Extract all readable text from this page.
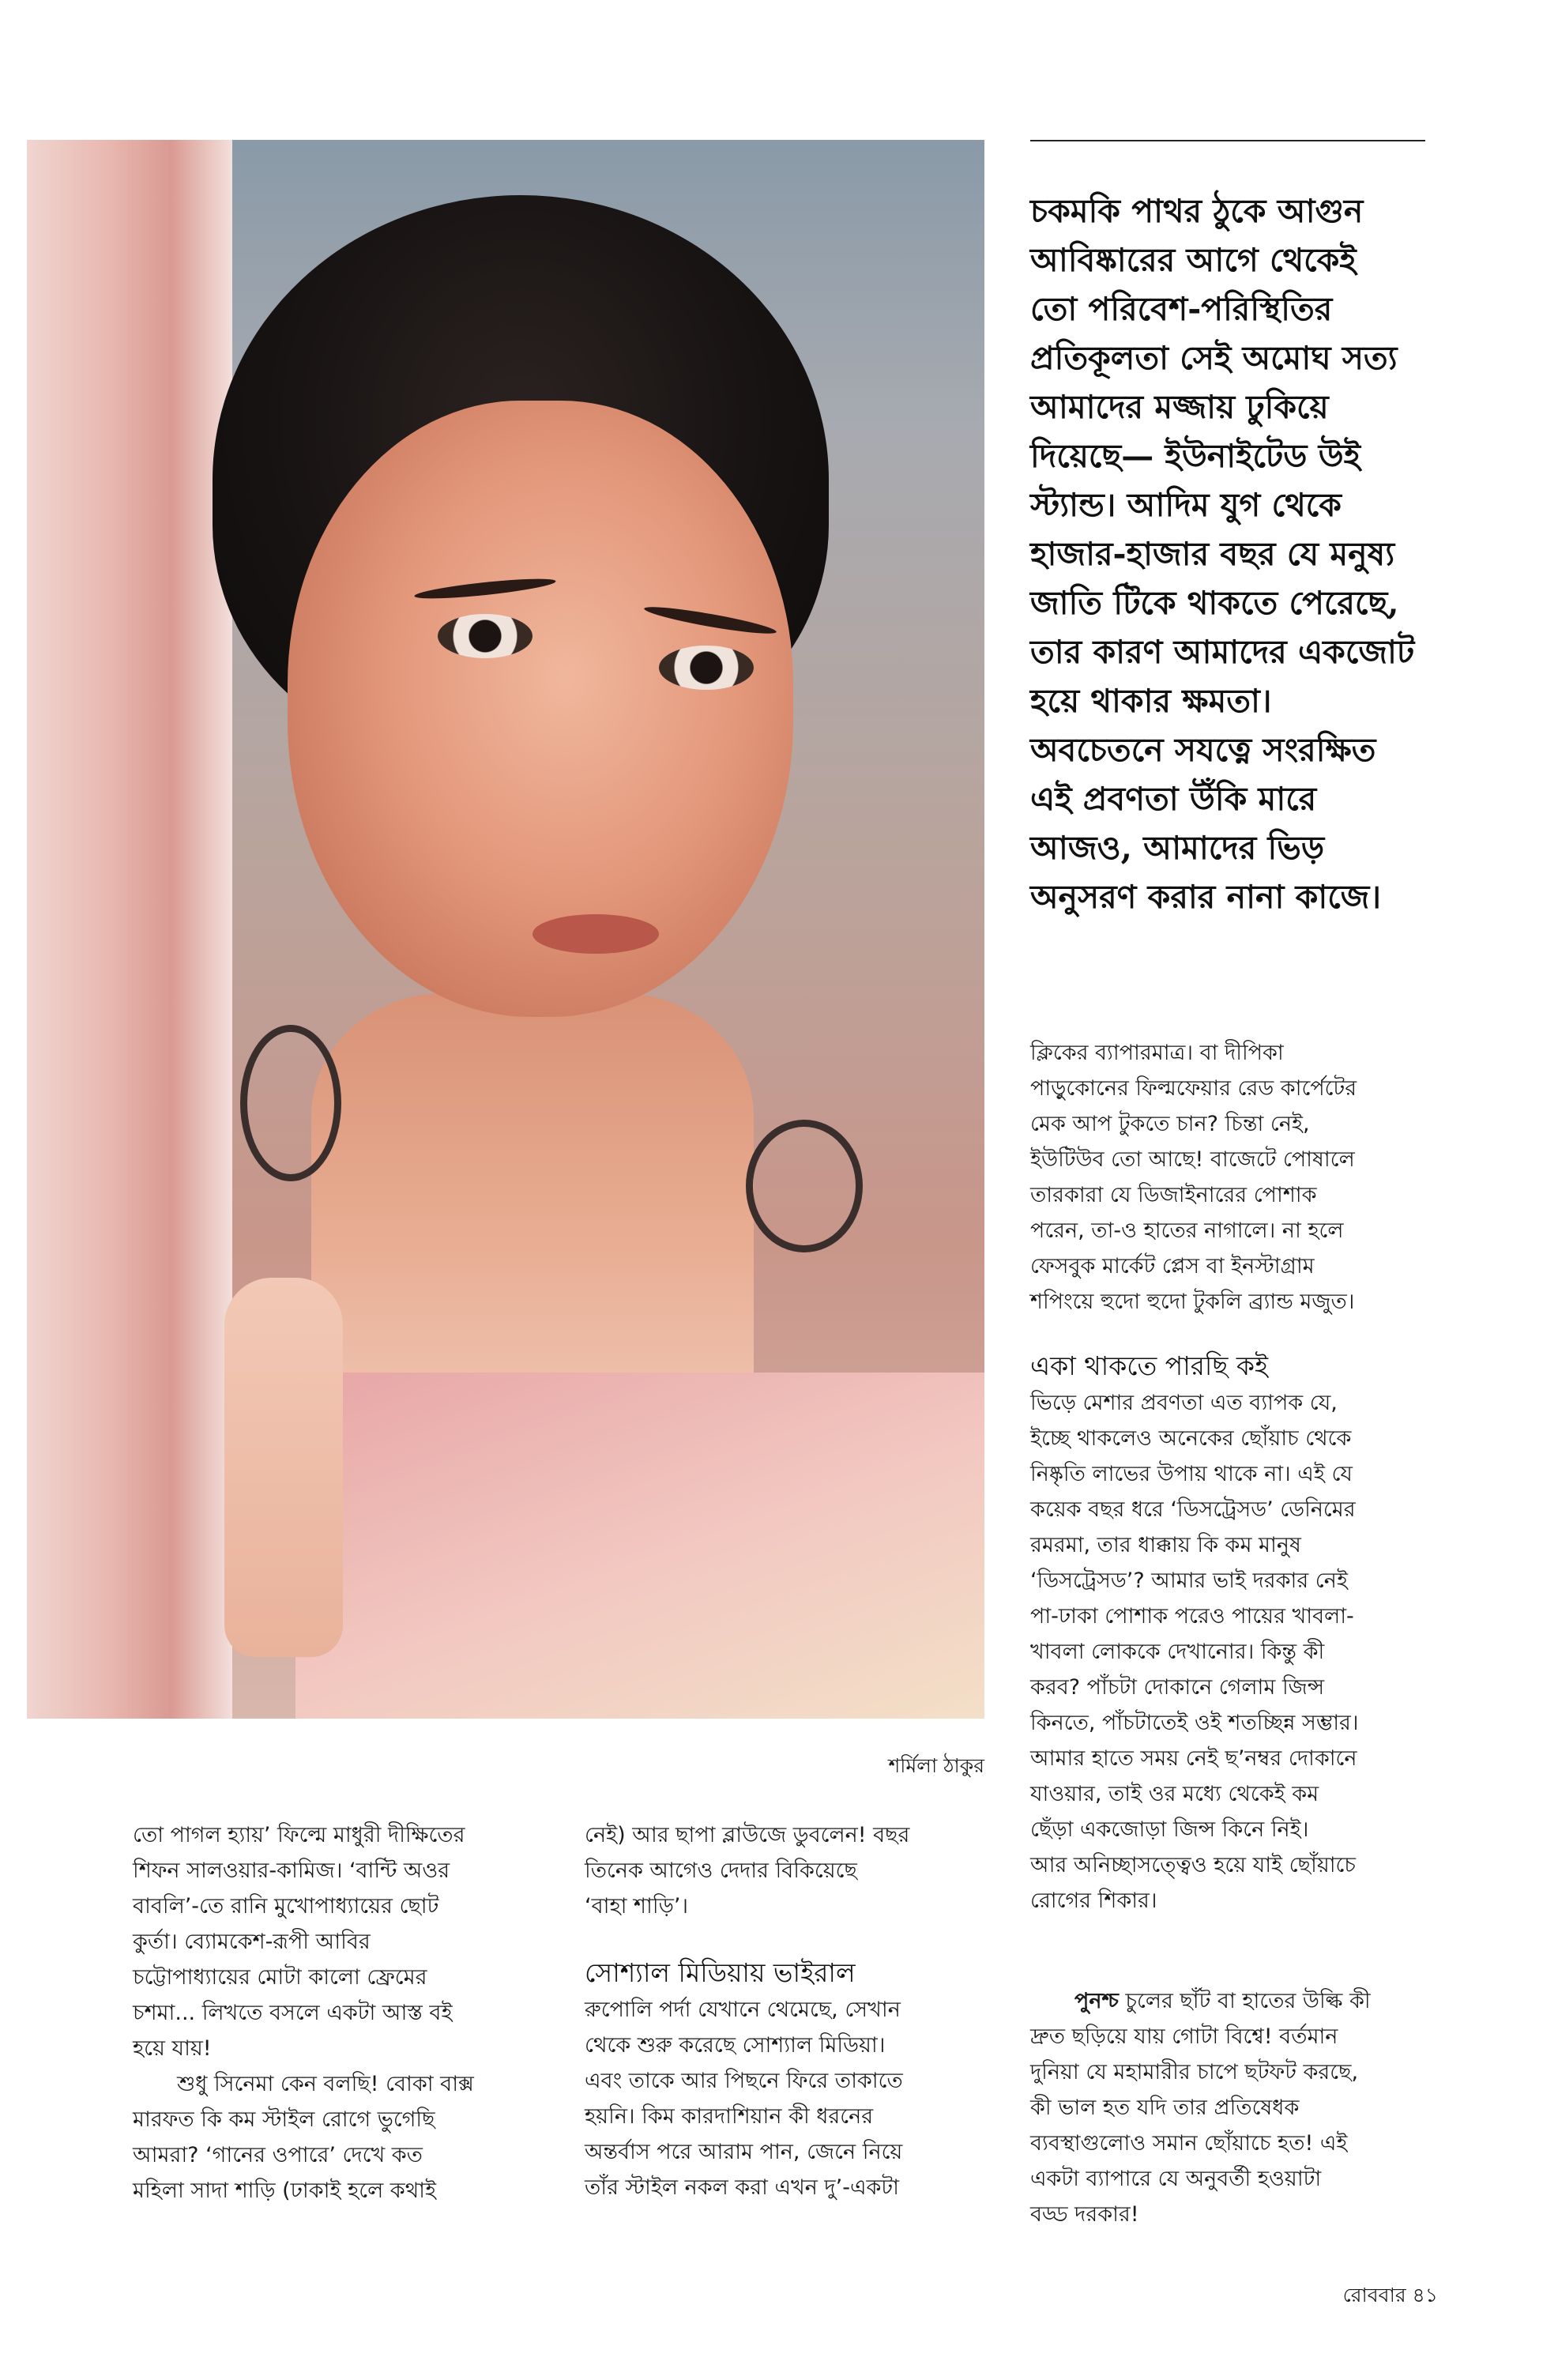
শর্মিলা ঠাকুর
চকমকি পাথর ঠুকে আগুন
আবিষ্কারের আগে থেকেই
তো পরিবেশ-পরিস্থিতির
প্রতিকূলতা সেই অমোঘ সত্য
আমাদের মজ্জায় ঢুকিয়ে
দিয়েছে— ইউনাইটেড উই
স্ট্যান্ড। আদিম যুগ থেকে
হাজার-হাজার বছর যে মনুষ্য
জাতি টিকে থাকতে পেরেছে,
তার কারণ আমাদের একজোট
হয়ে থাকার ক্ষমতা।
অবচেতনে সযত্নে সংরক্ষিত
এই প্রবণতা উঁকি মারে
আজও, আমাদের ভিড়
অনুসরণ করার নানা কাজে।

ক্লিকের ব্যাপারমাত্র। বা দীপিকা
পাড়ুকোনের ফিল্মফেয়ার রেড কার্পেটের
মেক আপ টুকতে চান? চিন্তা নেই,
ইউটিউব তো আছে! বাজেটে পোষালে
তারকারা যে ডিজাইনারের পোশাক
পরেন, তা-ও হাতের নাগালে। না হলে
ফেসবুক মার্কেট প্লেস বা ইনস্টাগ্রাম
শপিংয়ে হুদো হুদো টুকলি ব্র্যান্ড মজুত।

একা থাকতে পারছি কই

ভিড়ে মেশার প্রবণতা এত ব্যাপক যে,
ইচ্ছে থাকলেও অনেকের ছোঁয়াচ থেকে
নিষ্কৃতি লাভের উপায় থাকে না। এই যে
কয়েক বছর ধরে ‘ডিসট্রেসড’ ডেনিমের
রমরমা, তার ধাক্কায় কি কম মানুষ
‘ডিসট্রেসড’? আমার ভাই দরকার নেই
পা-ঢাকা পোশাক পরেও পায়ের খাবলা-
খাবলা লোককে দেখানোর। কিন্তু কী
করব? পাঁচটা দোকানে গেলাম জিন্স
কিনতে, পাঁচটাতেই ওই শতচ্ছিন্ন সম্ভার।
আমার হাতে সময় নেই ছ’নম্বর দোকানে
যাওয়ার, তাই ওর মধ্যে থেকেই কম
ছেঁড়া একজোড়া জিন্স কিনে নিই।
আর অনিচ্ছাসত্ত্বেও হয়ে যাই ছোঁয়াচে
রোগের শিকার।

পুনশ্চ চুলের ছাঁট বা হাতের উল্কি কী
দ্রুত ছড়িয়ে যায় গোটা বিশ্বে! বর্তমান
দুনিয়া যে মহামারীর চাপে ছটফট করছে,
কী ভাল হত যদি তার প্রতিষেধক
ব্যবস্থাগুলোও সমান ছোঁয়াচে হত! এই
একটা ব্যাপারে যে অনুবর্তী হওয়াটা
বড্ড দরকার!

তো পাগল হ্যায়’ ফিল্মে মাধুরী দীক্ষিতের
শিফন সালওয়ার-কামিজ। ‘বান্টি অওর
বাবলি’-তে রানি মুখোপাধ্যায়ের ছোট
কুর্তা। ব্যোমকেশ-রূপী আবির
চট্টোপাধ্যায়ের মোটা কালো ফ্রেমের
চশমা... লিখতে বসলে একটা আস্ত বই
হয়ে যায়!

শুধু সিনেমা কেন বলছি! বোকা বাক্স
মারফত কি কম স্টাইল রোগে ভুগেছি
আমরা? ‘গানের ওপারে’ দেখে কত
মহিলা সাদা শাড়ি (ঢাকাই হলে কথাই

নেই) আর ছাপা ব্লাউজে ডুবলেন! বছর
তিনেক আগেও দেদার বিকিয়েছে
‘বাহা শাড়ি’।

সোশ্যাল মিডিয়ায় ভাইরাল

রুপোলি পর্দা যেখানে থেমেছে, সেখান
থেকে শুরু করেছে সোশ্যাল মিডিয়া।
এবং তাকে আর পিছনে ফিরে তাকাতে
হয়নি। কিম কারদাশিয়ান কী ধরনের
অন্তর্বাস পরে আরাম পান, জেনে নিয়ে
তাঁর স্টাইল নকল করা এখন দু’-একটা

রোববার ৪১
